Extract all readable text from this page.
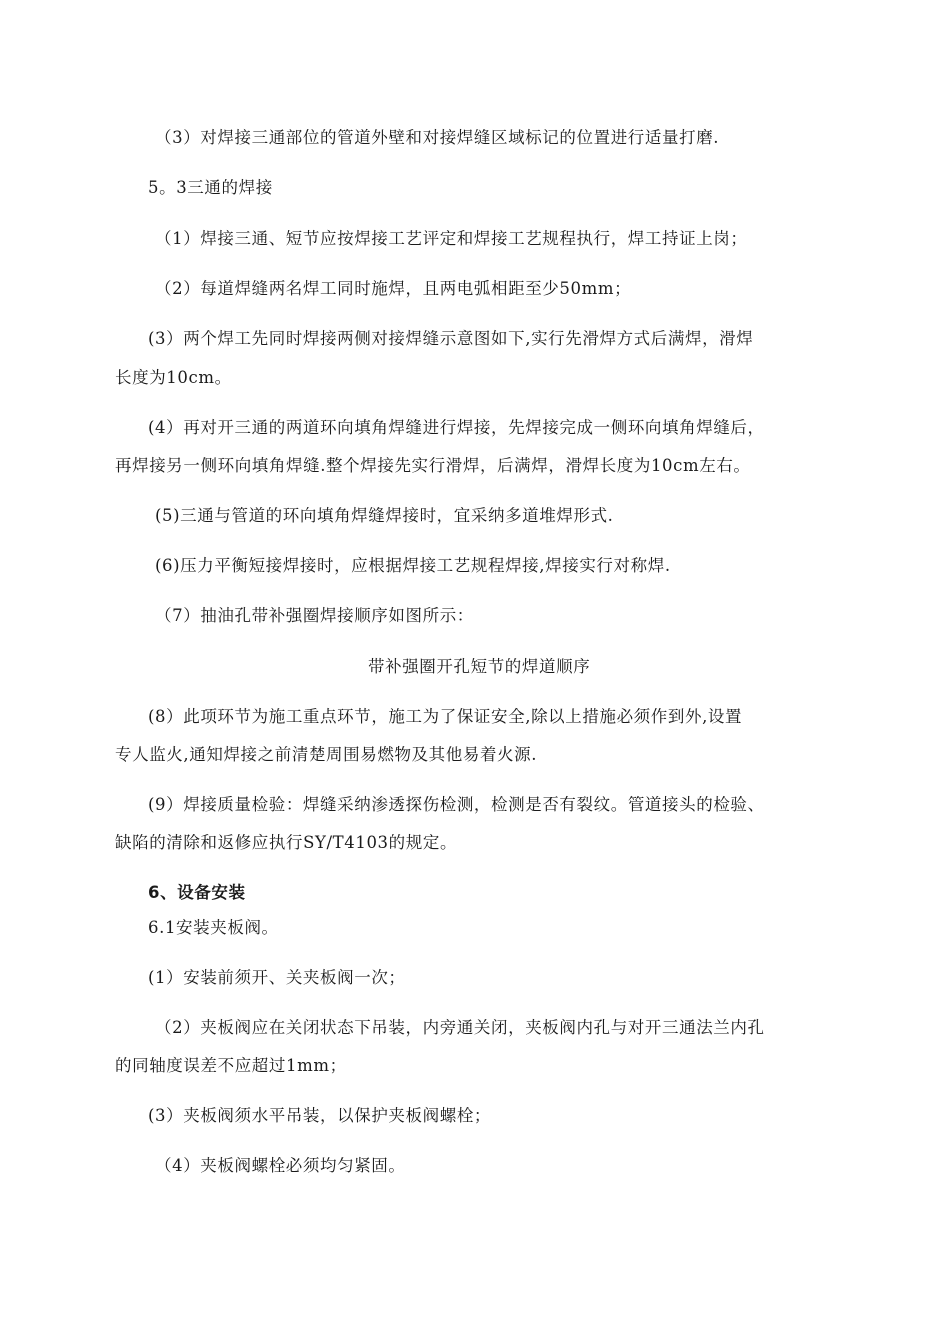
（3）对焊接三通部位的管道外壁和对接焊缝区域标记的位置进行适量打磨.
5。3三通的焊接
（1）焊接三通、短节应按焊接工艺评定和焊接工艺规程执行，焊工持证上岗；
（2）每道焊缝两名焊工同时施焊，且两电弧相距至少50mm；
(3）两个焊工先同时焊接两侧对接焊缝示意图如下,实行先滑焊方式后满焊，滑焊
长度为10cm。
(4）再对开三通的两道环向填角焊缝进行焊接，先焊接完成一侧环向填角焊缝后，
再焊接另一侧环向填角焊缝.整个焊接先实行滑焊，后满焊，滑焊长度为10cm左右。
(5)三通与管道的环向填角焊缝焊接时，宜采纳多道堆焊形式.
(6)压力平衡短接焊接时，应根据焊接工艺规程焊接,焊接实行对称焊.
（7）抽油孔带补强圈焊接顺序如图所示：
带补强圈开孔短节的焊道顺序
(8）此项环节为施工重点环节，施工为了保证安全,除以上措施必须作到外,设置
专人监火,通知焊接之前清楚周围易燃物及其他易着火源.
(9）焊接质量检验：焊缝采纳渗透探伤检测，检测是否有裂纹。管道接头的检验、
缺陷的清除和返修应执行SY/T4103的规定。
6、设备安装
6.1安装夹板阀。
(1）安装前须开、关夹板阀一次；
（2）夹板阀应在关闭状态下吊装，内旁通关闭，夹板阀内孔与对开三通法兰内孔
的同轴度误差不应超过1mm；
(3）夹板阀须水平吊装，以保护夹板阀螺栓；
（4）夹板阀螺栓必须均匀紧固。
